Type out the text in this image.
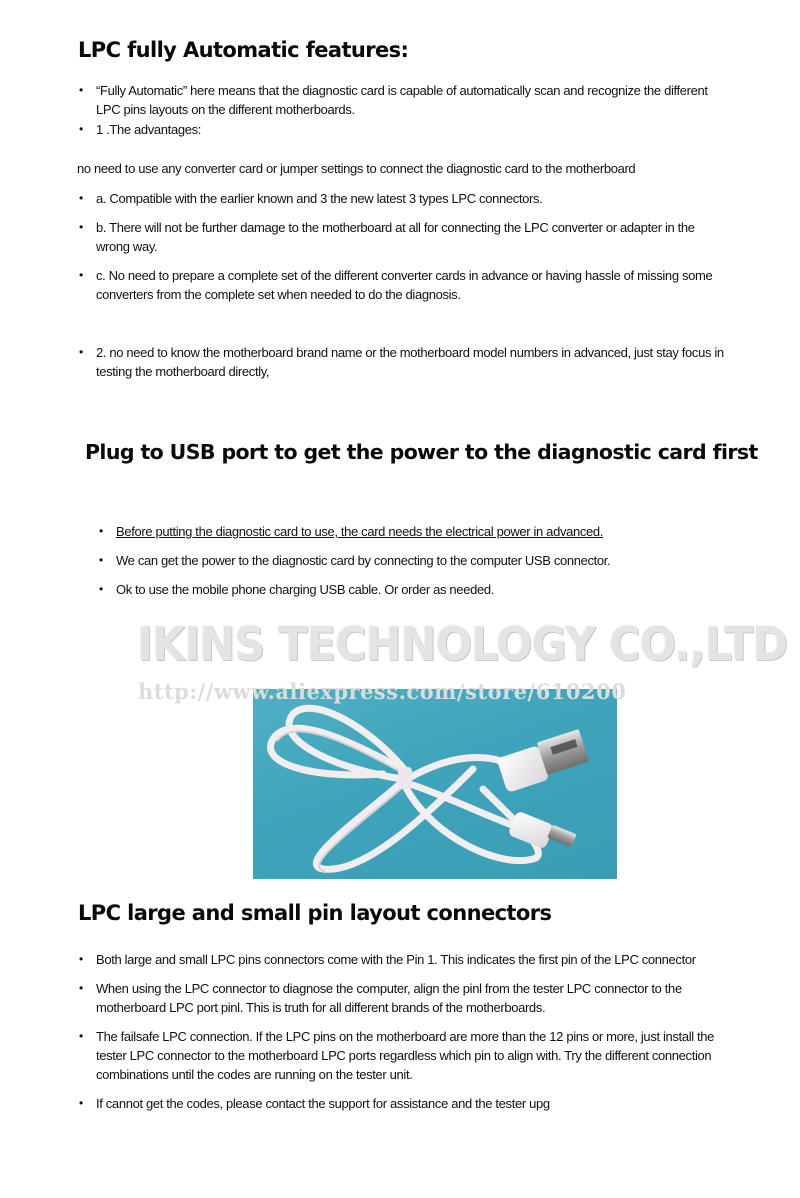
LPC fully Automatic features:
• “Fully Automatic” here means that the diagnostic card is capable of automatically scan and recognize the different
LPC pins layouts on the different motherboards.
• 1 .The advantages:
no need to use any converter card or jumper settings to connect the diagnostic card to the motherboard
• a. Compatible with the earlier known and 3 the new latest 3 types LPC connectors.
• b. There will not be further damage to the motherboard at all for connecting the LPC converter or adapter in the
wrong way.
• c. No need to prepare a complete set of the different converter cards in advance or having hassle of missing some
converters from the complete set when needed to do the diagnosis.
• 2. no need to know the motherboard brand name or the motherboard model numbers in advanced, just stay focus in
testing the motherboard directly,
Plug to USB port to get the power to the diagnostic card first
• Before putting the diagnostic card to use, the card needs the electrical power in advanced.
• We can get the power to the diagnostic card by connecting to the computer USB connector.
• Ok to use the mobile phone charging USB cable. Or order as needed.
IKINS TECHNOLOGY CO.,LTD
http://www.aliexpress.com/store/610200
LPC large and small pin layout connectors
• Both large and small LPC pins connectors come with the Pin 1. This indicates the first pin of the LPC connector
• When using the LPC connector to diagnose the computer, align the pinl from the tester LPC connector to the
motherboard LPC port pinl. This is truth for all different brands of the motherboards.
• The failsafe LPC connection. If the LPC pins on the motherboard are more than the 12 pins or more, just install the
tester LPC connector to the motherboard LPC ports regardless which pin to align with. Try the different connection
combinations until the codes are running on the tester unit.
• If cannot get the codes, please contact the support for assistance and the tester upg
